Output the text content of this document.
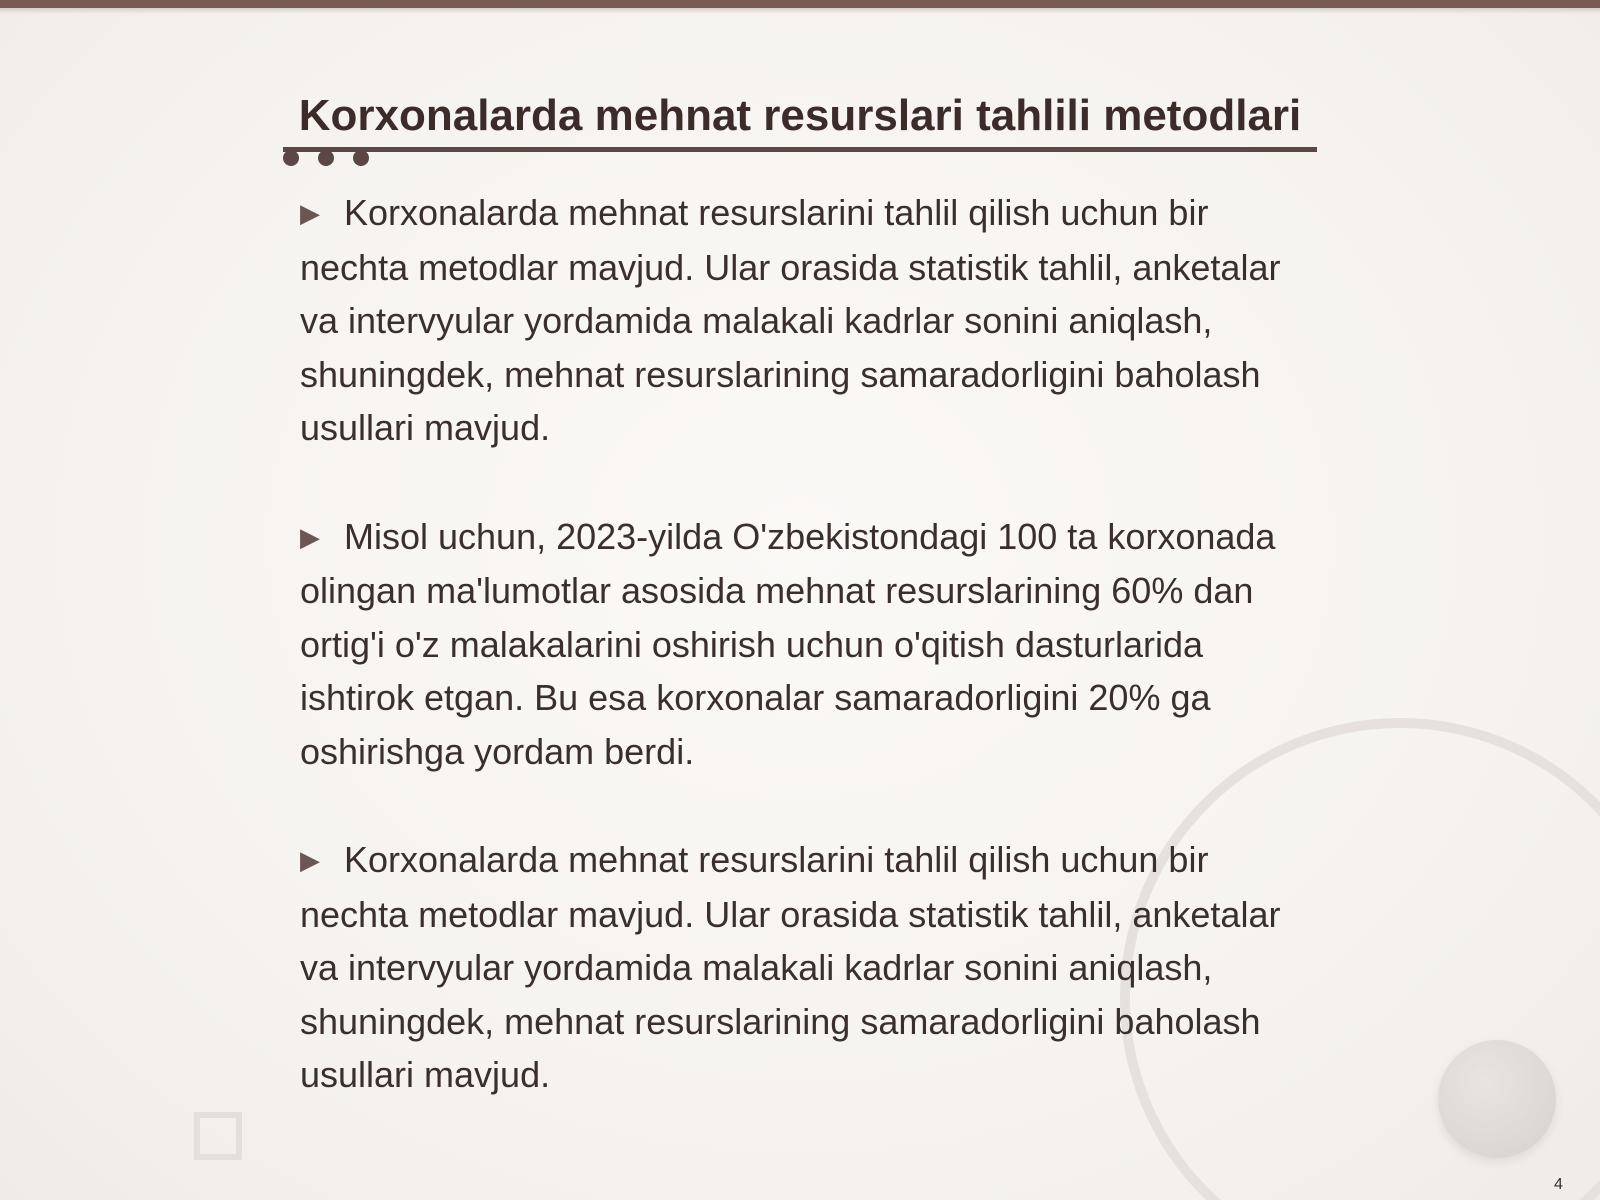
Korxonalarda mehnat resurslari tahlili metodlari

▶ Korxonalarda mehnat resurslarini tahlil qilish uchun bir nechta metodlar mavjud. Ular orasida statistik tahlil, anketalar va intervyular yordamida malakali kadrlar sonini aniqlash, shuningdek, mehnat resurslarining samaradorligini baholash usullari mavjud.

▶ Misol uchun, 2023-yilda O'zbekistondagi 100 ta korxonada olingan ma'lumotlar asosida mehnat resurslarining 60% dan ortig'i o'z malakalarini oshirish uchun o'qitish dasturlarida ishtirok etgan. Bu esa korxonalar samaradorligini 20% ga oshirishga yordam berdi.

▶ Korxonalarda mehnat resurslarini tahlil qilish uchun bir nechta metodlar mavjud. Ular orasida statistik tahlil, anketalar va intervyular yordamida malakali kadrlar sonini aniqlash, shuningdek, mehnat resurslarining samaradorligini baholash usullari mavjud.

4
